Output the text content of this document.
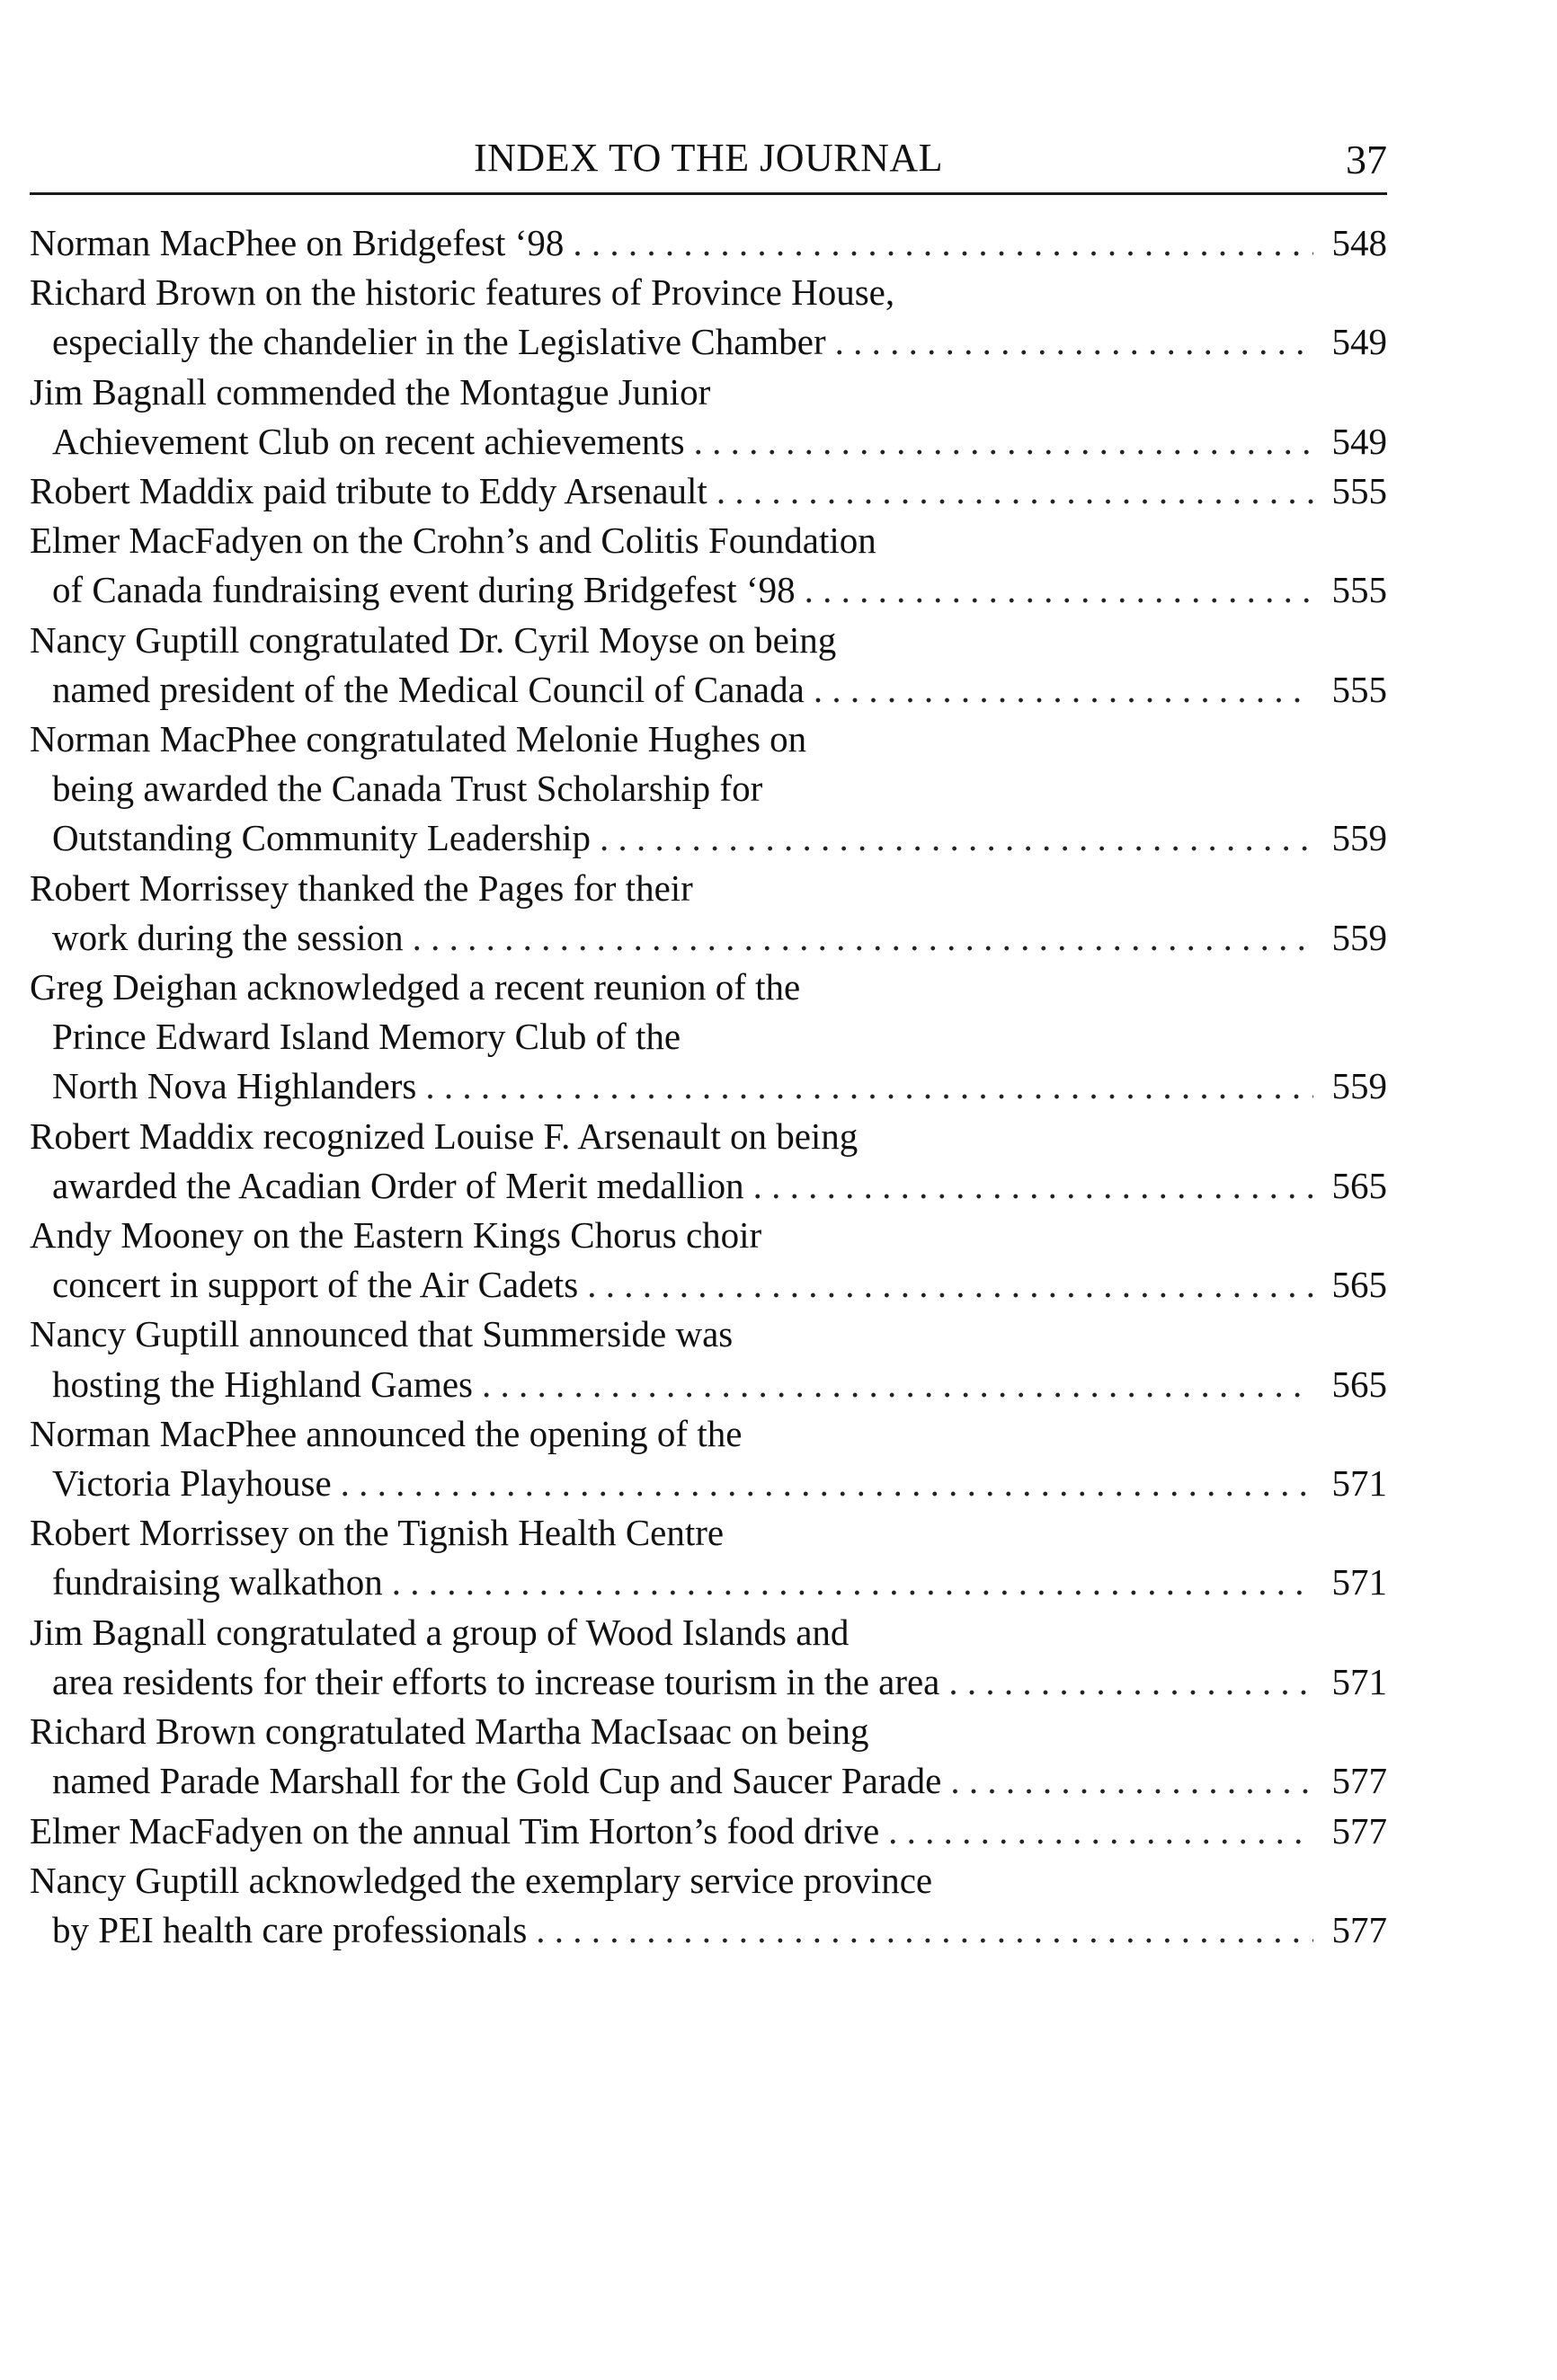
INDEX TO THE JOURNAL	37
Norman MacPhee on Bridgefest ‘98 . . .	548
Richard Brown on the historic features of Province House,
especially the chandelier in the Legislative Chamber . . .	549
Jim Bagnall commended the Montague Junior
Achievement Club on recent achievements . . .	549
Robert Maddix paid tribute to Eddy Arsenault . . .	555
Elmer MacFadyen on the Crohn’s and Colitis Foundation
of Canada fundraising event during Bridgefest ‘98 . . .	555
Nancy Guptill congratulated Dr. Cyril Moyse on being
named president of the Medical Council of Canada . . .	555
Norman MacPhee congratulated Melonie Hughes on
being awarded the Canada Trust Scholarship for
Outstanding Community Leadership . . .	559
Robert Morrissey thanked the Pages for their
work during the session . . .	559
Greg Deighan acknowledged a recent reunion of the
Prince Edward Island Memory Club of the
North Nova Highlanders . . .	559
Robert Maddix recognized Louise F. Arsenault on being
awarded the Acadian Order of Merit medallion . . .	565
Andy Mooney on the Eastern Kings Chorus choir
concert in support of the Air Cadets . . .	565
Nancy Guptill announced that Summerside was
hosting the Highland Games . . .	565
Norman MacPhee announced the opening of the
Victoria Playhouse . . .	571
Robert Morrissey on the Tignish Health Centre
fundraising walkathon . . .	571
Jim Bagnall congratulated a group of Wood Islands and
area residents for their efforts to increase tourism in the area . . .	571
Richard Brown congratulated Martha MacIsaac on being
named Parade Marshall for the Gold Cup and Saucer Parade . . .	577
Elmer MacFadyen on the annual Tim Horton’s food drive . . .	577
Nancy Guptill acknowledged the exemplary service province
by PEI health care professionals . . .	577
